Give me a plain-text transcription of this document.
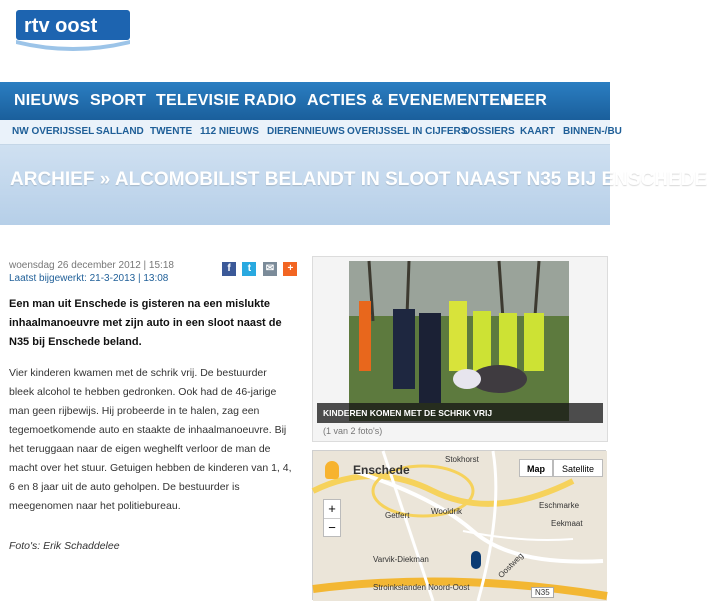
rtv oost
NIEUWS SPORT TELEVISIE RADIO ACTIES & EVENEMENTEN
MEER
NW OVERIJSSEL SALLAND TWENTE 112 NIEUWS DIERENNIEUWS OVERIJSSEL IN CIJFERS
DOSSIERS KAART BINNEN-/BU
ARCHIEF » ALCOMOBILIST BELANDT IN SLOOT NAAST N35 BIJ ENSCHEDE
woensdag 26 december 2012 | 15:18
Laatst bijgewerkt: 21-3-2013 | 13:08
f t ✉ +
Een man uit Enschede is gisteren na een mislukte inhaalmanoeuvre met zijn auto in een sloot naast de N35 bij Enschede beland.
Vier kinderen kwamen met de schrik vrij. De bestuurder bleek alcohol te hebben gedronken. Ook had de 46-jarige man geen rijbewijs. Hij probeerde in te halen, zag een tegemoetkomende auto en staakte de inhaalmanoeuvre. Bij het teruggaan naar de eigen weghelft verloor de man de macht over het stuur. Getuigen hebben de kinderen van 1, 4, 6 en 8 jaar uit de auto geholpen. De bestuurder is meegenomen naar het politiebureau.
Foto's: Erik Schaddelee
KINDEREN KOMEN MET DE SCHRIK VRIJ
(1 van 2 foto's)
Map	Satellite
+
−
Enschede
Stokhorst
Eschmarke
Eekmaat
Getfert	Wooldrik
Varvik-Diekman
Stroinkslanden Noord-Oost
Oostweg
N35
